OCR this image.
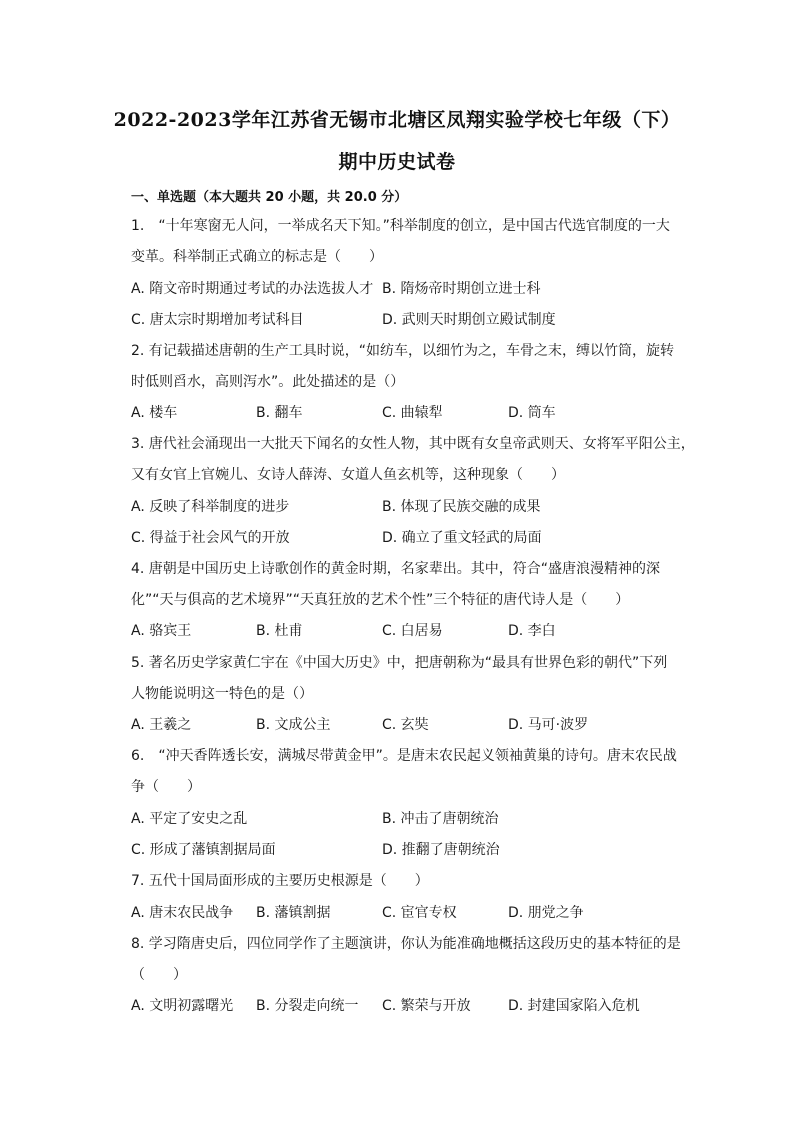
2022-2023学年江苏省无锡市北塘区凤翔实验学校七年级（下）
期中历史试卷
一、单选题（本大题共 20 小题，共 20.0 分）
1.　“十年寒窗无人问，一举成名天下知。”科举制度的创立，是中国古代选官制度的一大
变革。科举制正式确立的标志是（　　）
A. 隋文帝时期通过考试的办法选拔人才 B. 隋炀帝时期创立进士科
C. 唐太宗时期增加考试科目	D. 武则天时期创立殿试制度
2. 有记载描述唐朝的生产工具时说，“如纺车，以细竹为之，车骨之末，缚以竹筒，旋转
时低则舀水，高则泻水”。此处描述的是（）
A. 楼车	B. 翻车	C. 曲辕犁	D. 筒车
3. 唐代社会涌现出一大批天下闻名的女性人物，其中既有女皇帝武则天、女将军平阳公主，
又有女官上官婉儿、女诗人薛涛、女道人鱼玄机等，这种现象（　　）
A. 反映了科举制度的进步	B. 体现了民族交融的成果
C. 得益于社会风气的开放	D. 确立了重文轻武的局面
4. 唐朝是中国历史上诗歌创作的黄金时期，名家辈出。其中，符合“盛唐浪漫精神的深
化”“天与俱高的艺术境界”“天真狂放的艺术个性”三个特征的唐代诗人是（　　）
A. 骆宾王	B. 杜甫	C. 白居易	D. 李白
5. 著名历史学家黄仁宇在《中国大历史》中，把唐朝称为“最具有世界色彩的朝代”下列
人物能说明这一特色的是（）
A. 王羲之	B. 文成公主	C. 玄奘	D. 马可·波罗
6.　“冲天香阵透长安，满城尽带黄金甲”。是唐末农民起义领袖黄巢的诗句。唐末农民战
争（　　）
A. 平定了安史之乱	B. 冲击了唐朝统治
C. 形成了藩镇割据局面	D. 推翻了唐朝统治
7. 五代十国局面形成的主要历史根源是（　　）
A. 唐末农民战争 B. 藩镇割据	C. 宦官专权	D. 朋党之争
8. 学习隋唐史后，四位同学作了主题演讲，你认为能准确地概括这段历史的基本特征的是
（　　）
A. 文明初露曙光 B. 分裂走向统一 C. 繁荣与开放	D. 封建国家陷入危机
